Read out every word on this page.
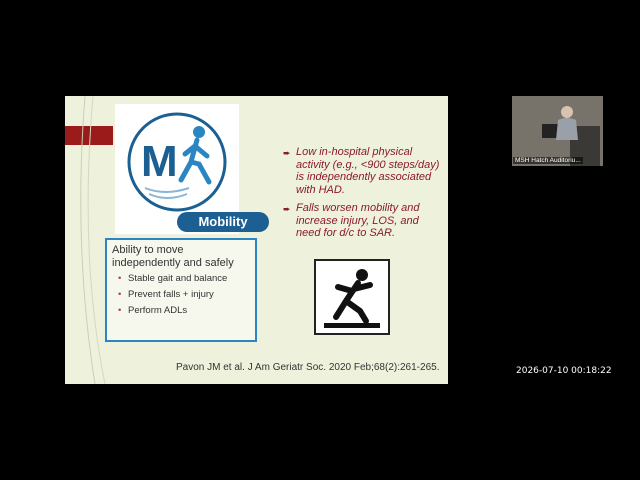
M
Mobility
Ability to move independently and safely
• Stable gait and balance
• Prevent falls + injury
• Perform ADLs
➨ Low in-hospital physical activity (e.g., <900 steps/day) is independently associated with HAD.
➨ Falls worsen mobility and increase injury, LOS, and need for d/c to SAR.
Pavon JM et al. J Am Geriatr Soc. 2020 Feb;68(2):261-265.
MSH Hatch Auditoriu...
2026-07-10 00:18:22
